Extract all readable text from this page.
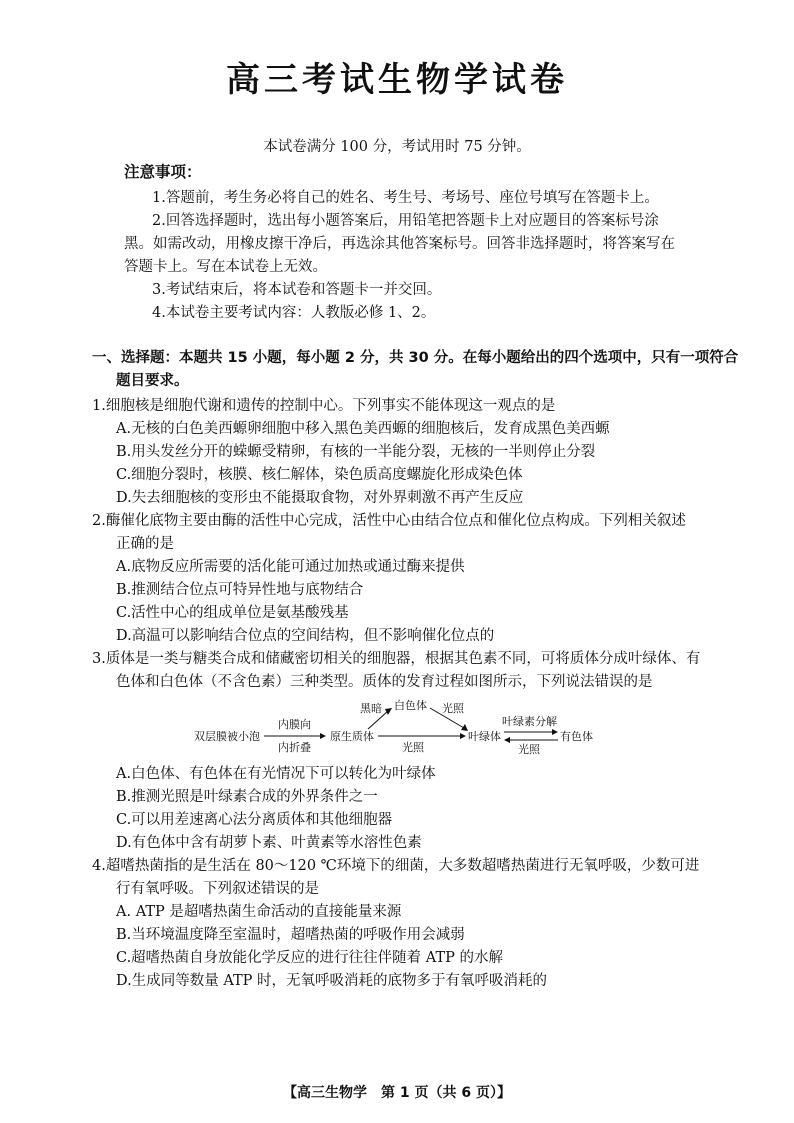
高三考试生物学试卷
本试卷满分 100 分，考试用时 75 分钟。
注意事项：
1.答题前，考生务必将自己的姓名、考生号、考场号、座位号填写在答题卡上。
2.回答选择题时，选出每小题答案后，用铅笔把答题卡上对应题目的答案标号涂
黑。如需改动，用橡皮擦干净后，再选涂其他答案标号。回答非选择题时，将答案写在
答题卡上。写在本试卷上无效。
3.考试结束后，将本试卷和答题卡一并交回。
4.本试卷主要考试内容：人教版必修 1、2。
一、选择题：本题共 15 小题，每小题 2 分，共 30 分。在每小题给出的四个选项中，只有一项符合
题目要求。
1.细胞核是细胞代谢和遗传的控制中心。下列事实不能体现这一观点的是
A.无核的白色美西螈卵细胞中移入黑色美西螈的细胞核后，发育成黑色美西螈
B.用头发丝分开的蝾螈受精卵，有核的一半能分裂，无核的一半则停止分裂
C.细胞分裂时，核膜、核仁解体，染色质高度螺旋化形成染色体
D.失去细胞核的变形虫不能摄取食物，对外界刺激不再产生反应
2.酶催化底物主要由酶的活性中心完成，活性中心由结合位点和催化位点构成。下列相关叙述
正确的是
A.底物反应所需要的活化能可通过加热或通过酶来提供
B.推测结合位点可特异性地与底物结合
C.活性中心的组成单位是氨基酸残基
D.高温可以影响结合位点的空间结构，但不影响催化位点的
3.质体是一类与糖类合成和储藏密切相关的细胞器，根据其色素不同，可将质体分成叶绿体、有
色体和白色体（不含色素）三种类型。质体的发育过程如图所示，下列说法错误的是
双层膜被小泡
内膜向
内折叠
原生质体
黑暗 白色体 光照
光照
叶绿体
叶绿素分解
光照
有色体
A.白色体、有色体在有光情况下可以转化为叶绿体
B.推测光照是叶绿素合成的外界条件之一
C.可以用差速离心法分离质体和其他细胞器
D.有色体中含有胡萝卜素、叶黄素等水溶性色素
4.超嗜热菌指的是生活在 80～120 ℃环境下的细菌，大多数超嗜热菌进行无氧呼吸，少数可进
行有氧呼吸。下列叙述错误的是
A. ATP 是超嗜热菌生命活动的直接能量来源
B.当环境温度降至室温时，超嗜热菌的呼吸作用会减弱
C.超嗜热菌自身放能化学反应的进行往往伴随着 ATP 的水解
D.生成同等数量 ATP 时，无氧呼吸消耗的底物多于有氧呼吸消耗的
【高三生物学　第 1 页（共 6 页）】
